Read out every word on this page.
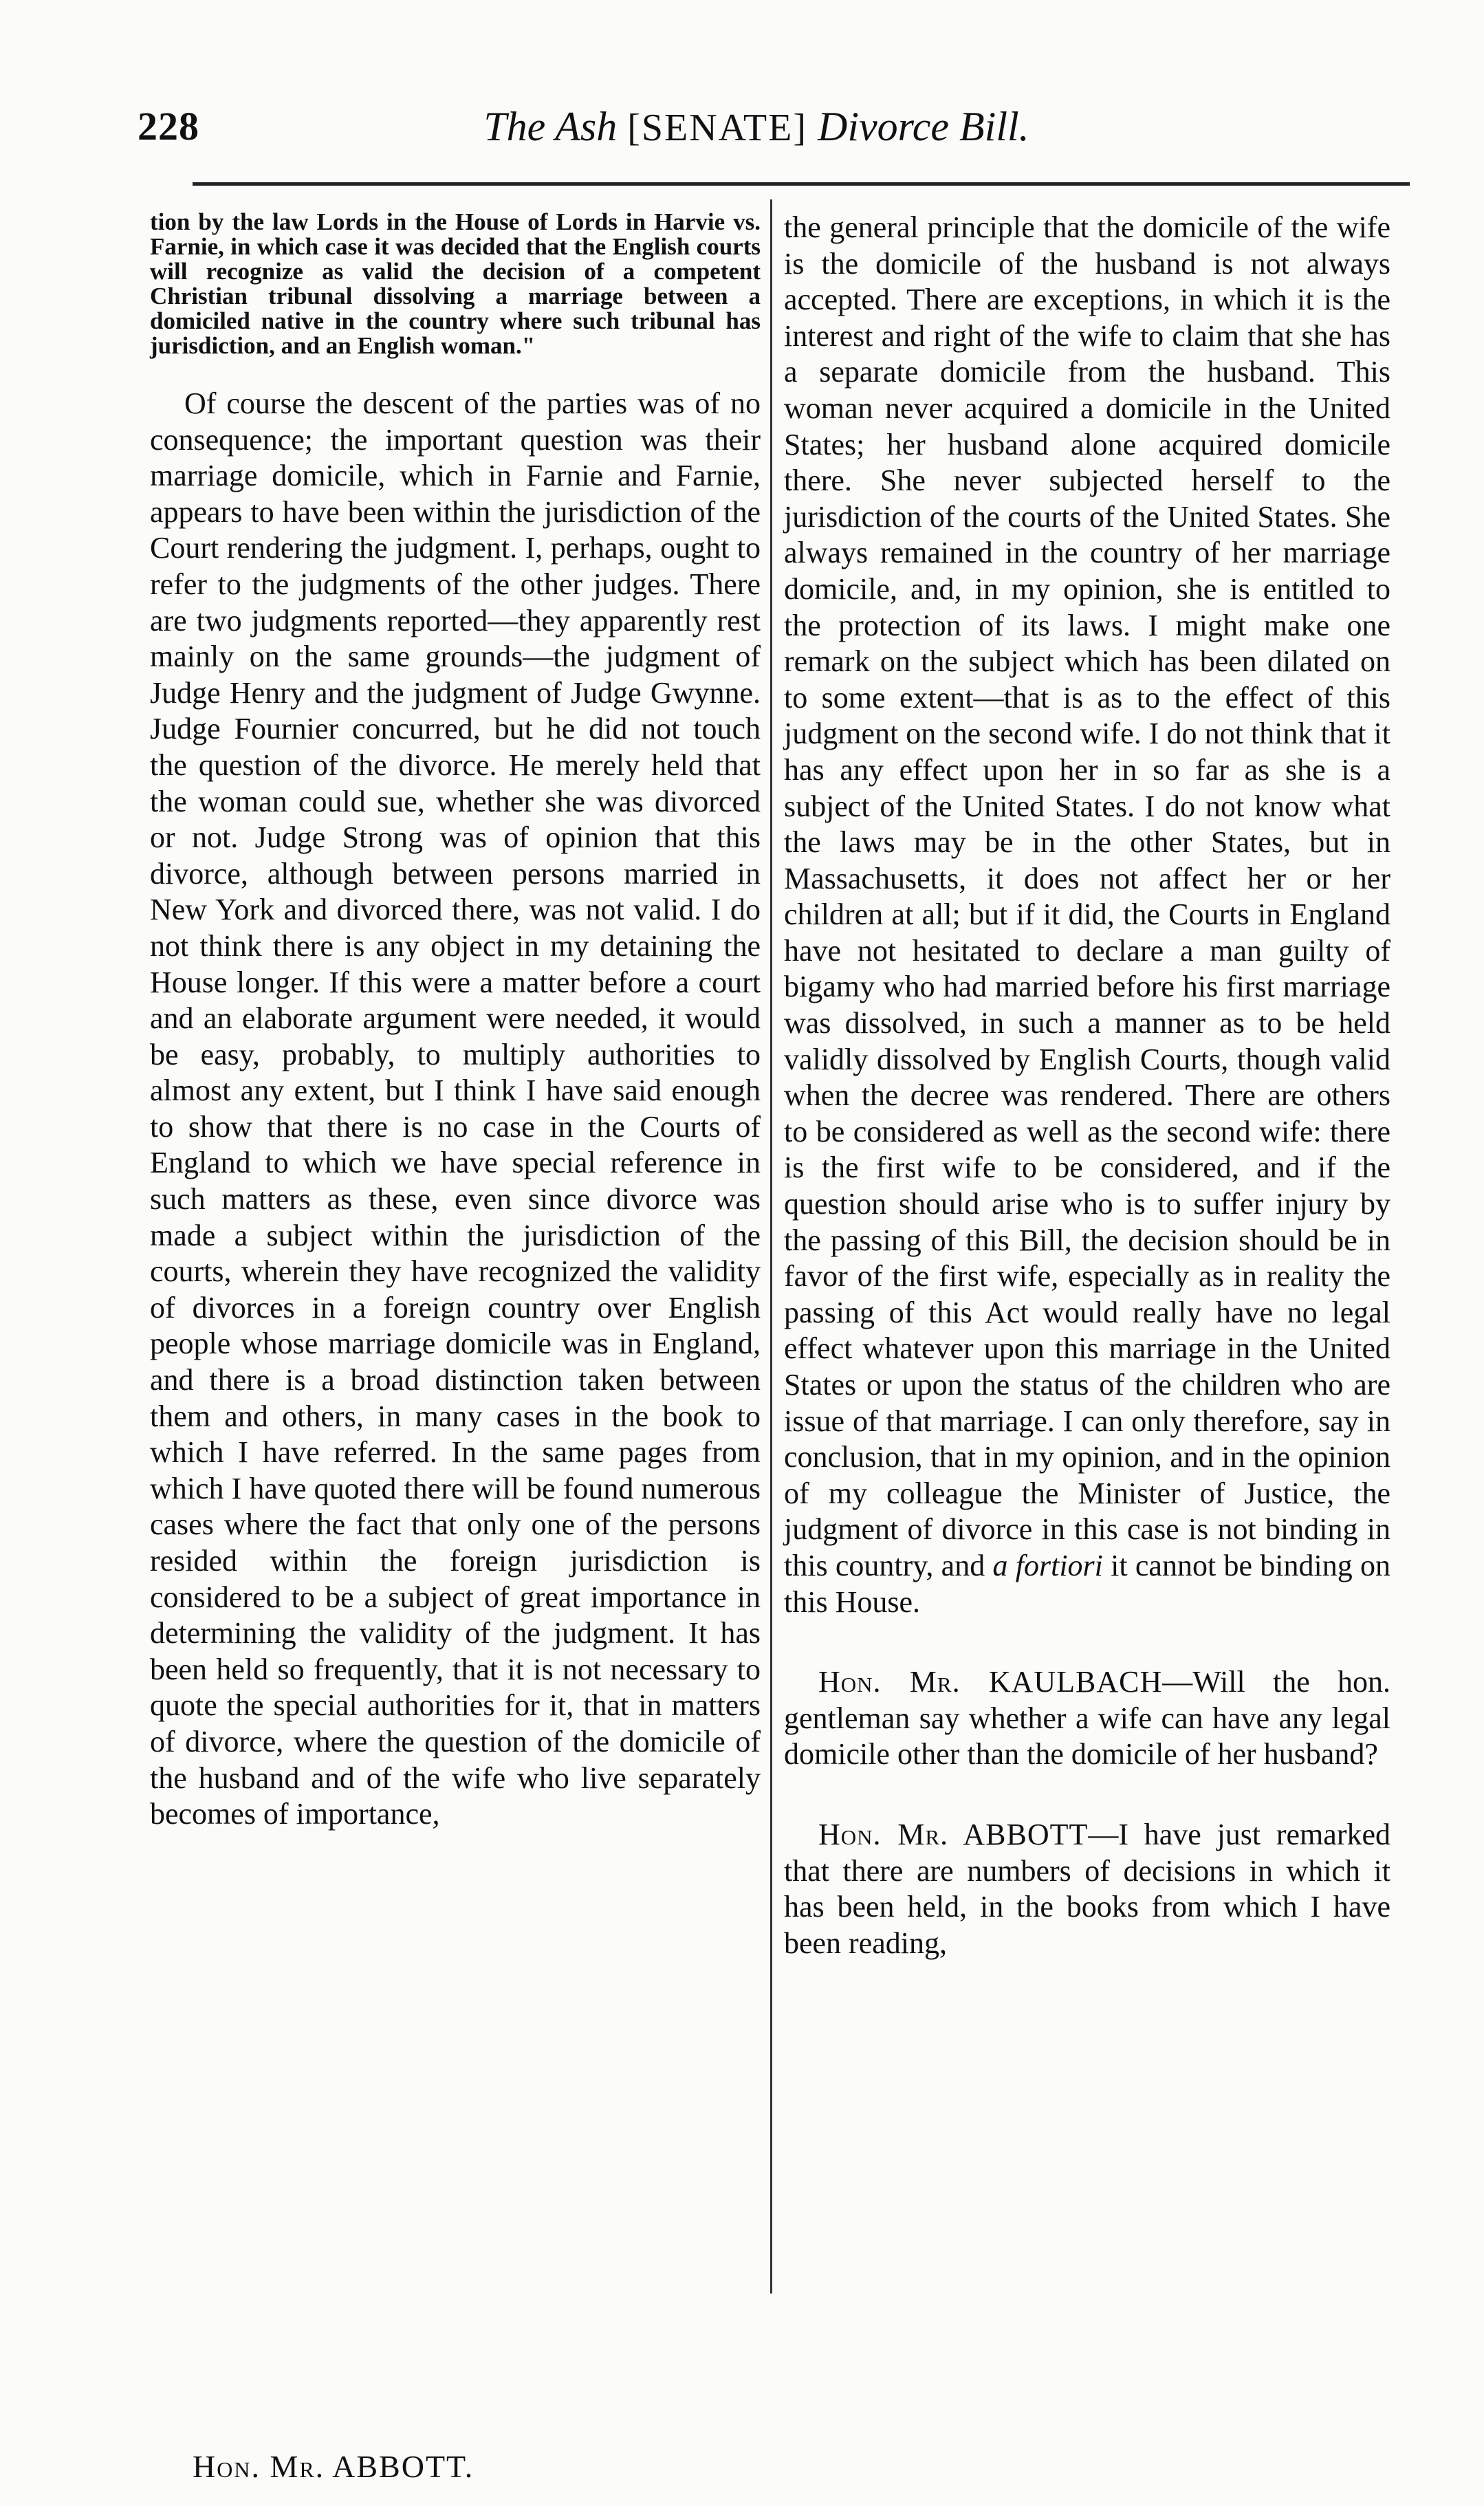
228	The Ash [SENATE] Divorce Bill.

tion by the law Lords in the House of Lords in Harvie vs. Farnie, in which case it was decided that the English courts will recognize as valid the decision of a competent Christian tribunal dissolving a marriage between a domiciled native in the country where such tribunal has jurisdiction, and an English woman."

Of course the descent of the parties was of no consequence; the important question was their marriage domicile, which in Farnie and Farnie, appears to have been within the jurisdiction of the Court rendering the judgment. I, perhaps, ought to refer to the judgments of the other judges. There are two judgments reported—they apparently rest mainly on the same grounds—the judgment of Judge Henry and the judgment of Judge Gwynne. Judge Fournier concurred, but he did not touch the question of the divorce. He merely held that the woman could sue, whether she was divorced or not. Judge Strong was of opinion that this divorce, although between persons married in New York and divorced there, was not valid. I do not think there is any object in my detaining the House longer. If this were a matter before a court and an elaborate argument were needed, it would be easy, probably, to multiply authorities to almost any extent, but I think I have said enough to show that there is no case in the Courts of England to which we have special reference in such matters as these, even since divorce was made a subject within the jurisdiction of the courts, wherein they have recognized the validity of divorces in a foreign country over English people whose marriage domicile was in England, and there is a broad distinction taken between them and others, in many cases in the book to which I have referred. In the same pages from which I have quoted there will be found numerous cases where the fact that only one of the persons resided within the foreign jurisdiction is considered to be a subject of great importance in determining the validity of the judgment. It has been held so frequently, that it is not necessary to quote the special authorities for it, that in matters of divorce, where the question of the domicile of the husband and of the wife who live separately becomes of importance,

the general principle that the domicile of the wife is the domicile of the husband is not always accepted. There are exceptions, in which it is the interest and right of the wife to claim that she has a separate domicile from the husband. This woman never acquired a domicile in the United States; her husband alone acquired domicile there. She never subjected herself to the jurisdiction of the courts of the United States. She always remained in the country of her marriage domicile, and, in my opinion, she is entitled to the protection of its laws. I might make one remark on the subject which has been dilated on to some extent—that is as to the effect of this judgment on the second wife. I do not think that it has any effect upon her in so far as she is a subject of the United States. I do not know what the laws may be in the other States, but in Massachusetts, it does not affect her or her children at all; but if it did, the Courts in England have not hesitated to declare a man guilty of bigamy who had married before his first marriage was dissolved, in such a manner as to be held validly dissolved by English Courts, though valid when the decree was rendered. There are others to be considered as well as the second wife: there is the first wife to be considered, and if the question should arise who is to suffer injury by the passing of this Bill, the decision should be in favor of the first wife, especially as in reality the passing of this Act would really have no legal effect whatever upon this marriage in the United States or upon the status of the children who are issue of that marriage. I can only therefore, say in conclusion, that in my opinion, and in the opinion of my colleague the Minister of Justice, the judgment of divorce in this case is not binding in this country, and a fortiori it cannot be binding on this House.

Hon. Mr. KAULBACH—Will the hon. gentleman say whether a wife can have any legal domicile other than the domicile of her husband?

Hon. Mr. ABBOTT—I have just remarked that there are numbers of decisions in which it has been held, in the books from which I have been reading,

Hon. Mr. ABBOTT.
